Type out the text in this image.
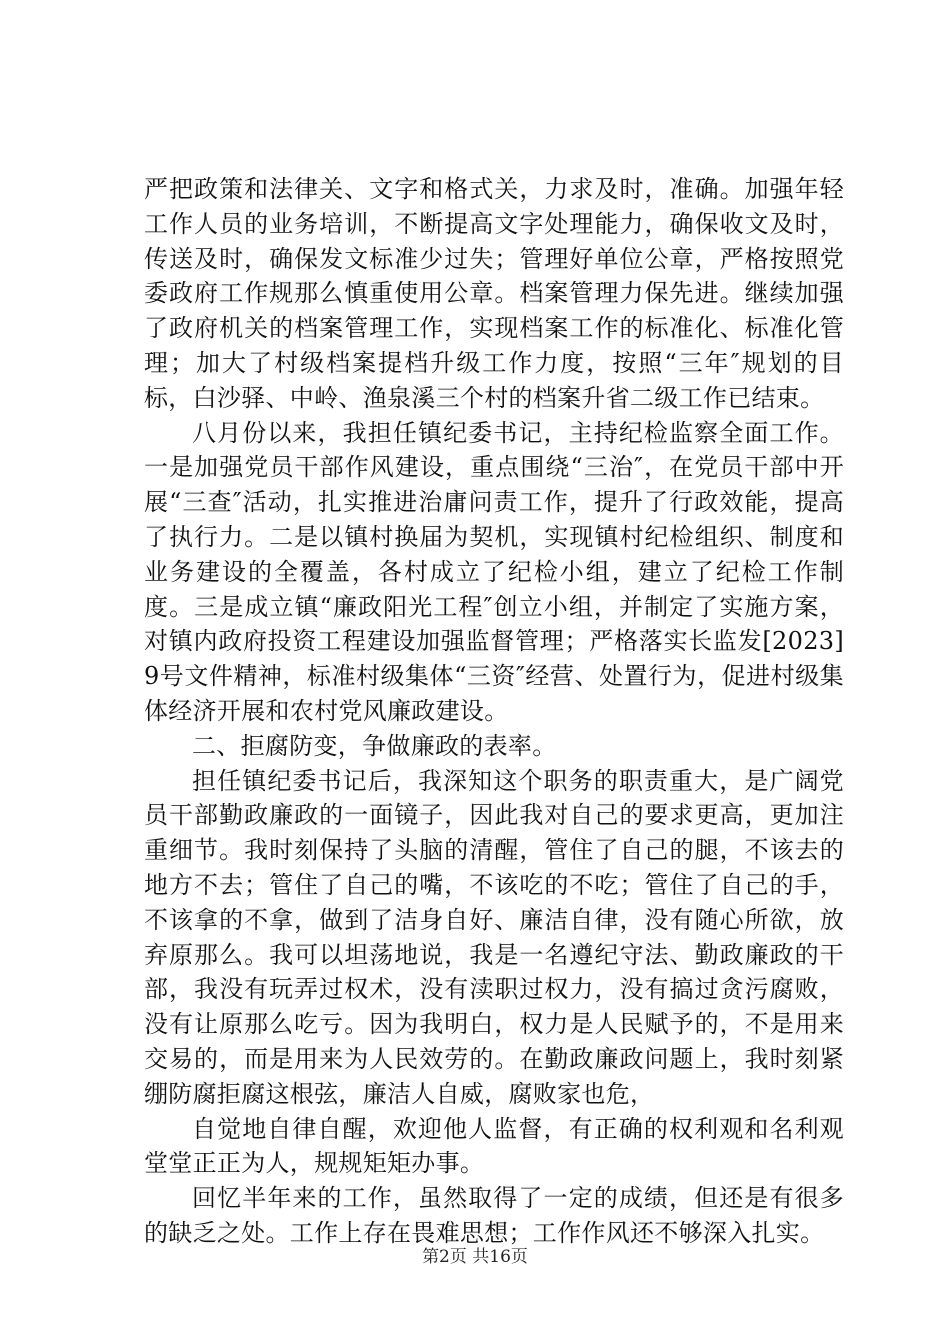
严把政策和法律关、文字和格式关，力求及时，准确。加强年轻工作人员的业务培训，不断提高文字处理能力，确保收文及时，传送及时，确保发文标准少过失；管理好单位公章，严格按照党委政府工作规那么慎重使用公章。档案管理力保先进。继续加强了政府机关的档案管理工作，实现档案工作的标准化、标准化管理；加大了村级档案提档升级工作力度，按照“三年″规划的目标，白沙驿、中岭、渔泉溪三个村的档案升省二级工作已结束。

八月份以来，我担任镇纪委书记，主持纪检监察全面工作。一是加强党员干部作风建设，重点围绕“三治″，在党员干部中开展“三查″活动，扎实推进治庸问责工作，提升了行政效能，提高了执行力。二是以镇村换届为契机，实现镇村纪检组织、制度和业务建设的全覆盖，各村成立了纪检小组，建立了纪检工作制度。三是成立镇“廉政阳光工程″创立小组，并制定了实施方案，对镇内政府投资工程建设加强监督管理；严格落实长监发[2023]9号文件精神，标准村级集体“三资″经营、处置行为，促进村级集体经济开展和农村党风廉政建设。

二、拒腐防变，争做廉政的表率。

担任镇纪委书记后，我深知这个职务的职责重大，是广阔党员干部勤政廉政的一面镜子，因此我对自己的要求更高，更加注重细节。我时刻保持了头脑的清醒，管住了自己的腿，不该去的地方不去；管住了自己的嘴，不该吃的不吃；管住了自己的手，不该拿的不拿，做到了洁身自好、廉洁自律，没有随心所欲，放弃原那么。我可以坦荡地说，我是一名遵纪守法、勤政廉政的干部，我没有玩弄过权术，没有渎职过权力，没有搞过贪污腐败，没有让原那么吃亏。因为我明白，权力是人民赋予的，不是用来交易的，而是用来为人民效劳的。在勤政廉政问题上，我时刻紧绷防腐拒腐这根弦，廉洁人自威，腐败家也危，

自觉地自律自醒，欢迎他人监督，有正确的权利观和名利观堂堂正正为人，规规矩矩办事。

回忆半年来的工作，虽然取得了一定的成绩，但还是有很多的缺乏之处。工作上存在畏难思想；工作作风还不够深入扎实。

第2页 共16页
